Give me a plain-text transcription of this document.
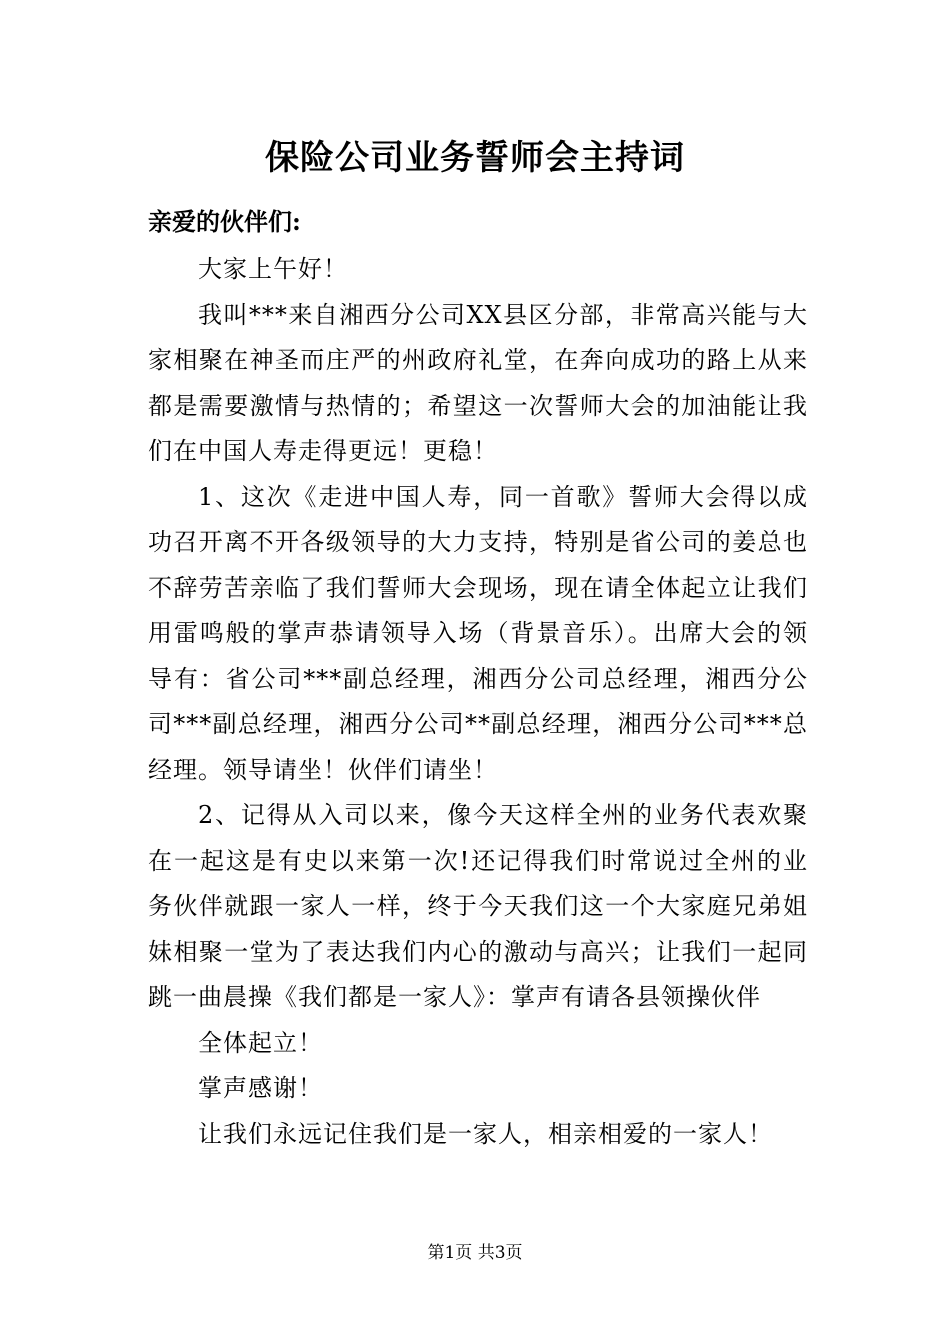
保险公司业务誓师会主持词
亲爱的伙伴们:

大家上午好！

我叫***来自湘西分公司XX县区分部，非常高兴能与大家相聚在神圣而庄严的州政府礼堂，在奔向成功的路上从来都是需要激情与热情的；希望这一次誓师大会的加油能让我们在中国人寿走得更远！更稳！

1、这次《走进中国人寿，同一首歌》誓师大会得以成功召开离不开各级领导的大力支持，特别是省公司的姜总也不辞劳苦亲临了我们誓师大会现场，现在请全体起立让我们用雷鸣般的掌声恭请领导入场（背景音乐）。出席大会的领导有：省公司***副总经理，湘西分公司总经理，湘西分公司***副总经理，湘西分公司**副总经理，湘西分公司***总经理。领导请坐！伙伴们请坐！

2、记得从入司以来，像今天这样全州的业务代表欢聚在一起这是有史以来第一次!还记得我们时常说过全州的业务伙伴就跟一家人一样，终于今天我们这一个大家庭兄弟姐妹相聚一堂为了表达我们内心的激动与高兴；让我们一起同跳一曲晨操《我们都是一家人》：掌声有请各县领操伙伴

全体起立！

掌声感谢！

让我们永远记住我们是一家人，相亲相爱的一家人！

第1页 共3页
